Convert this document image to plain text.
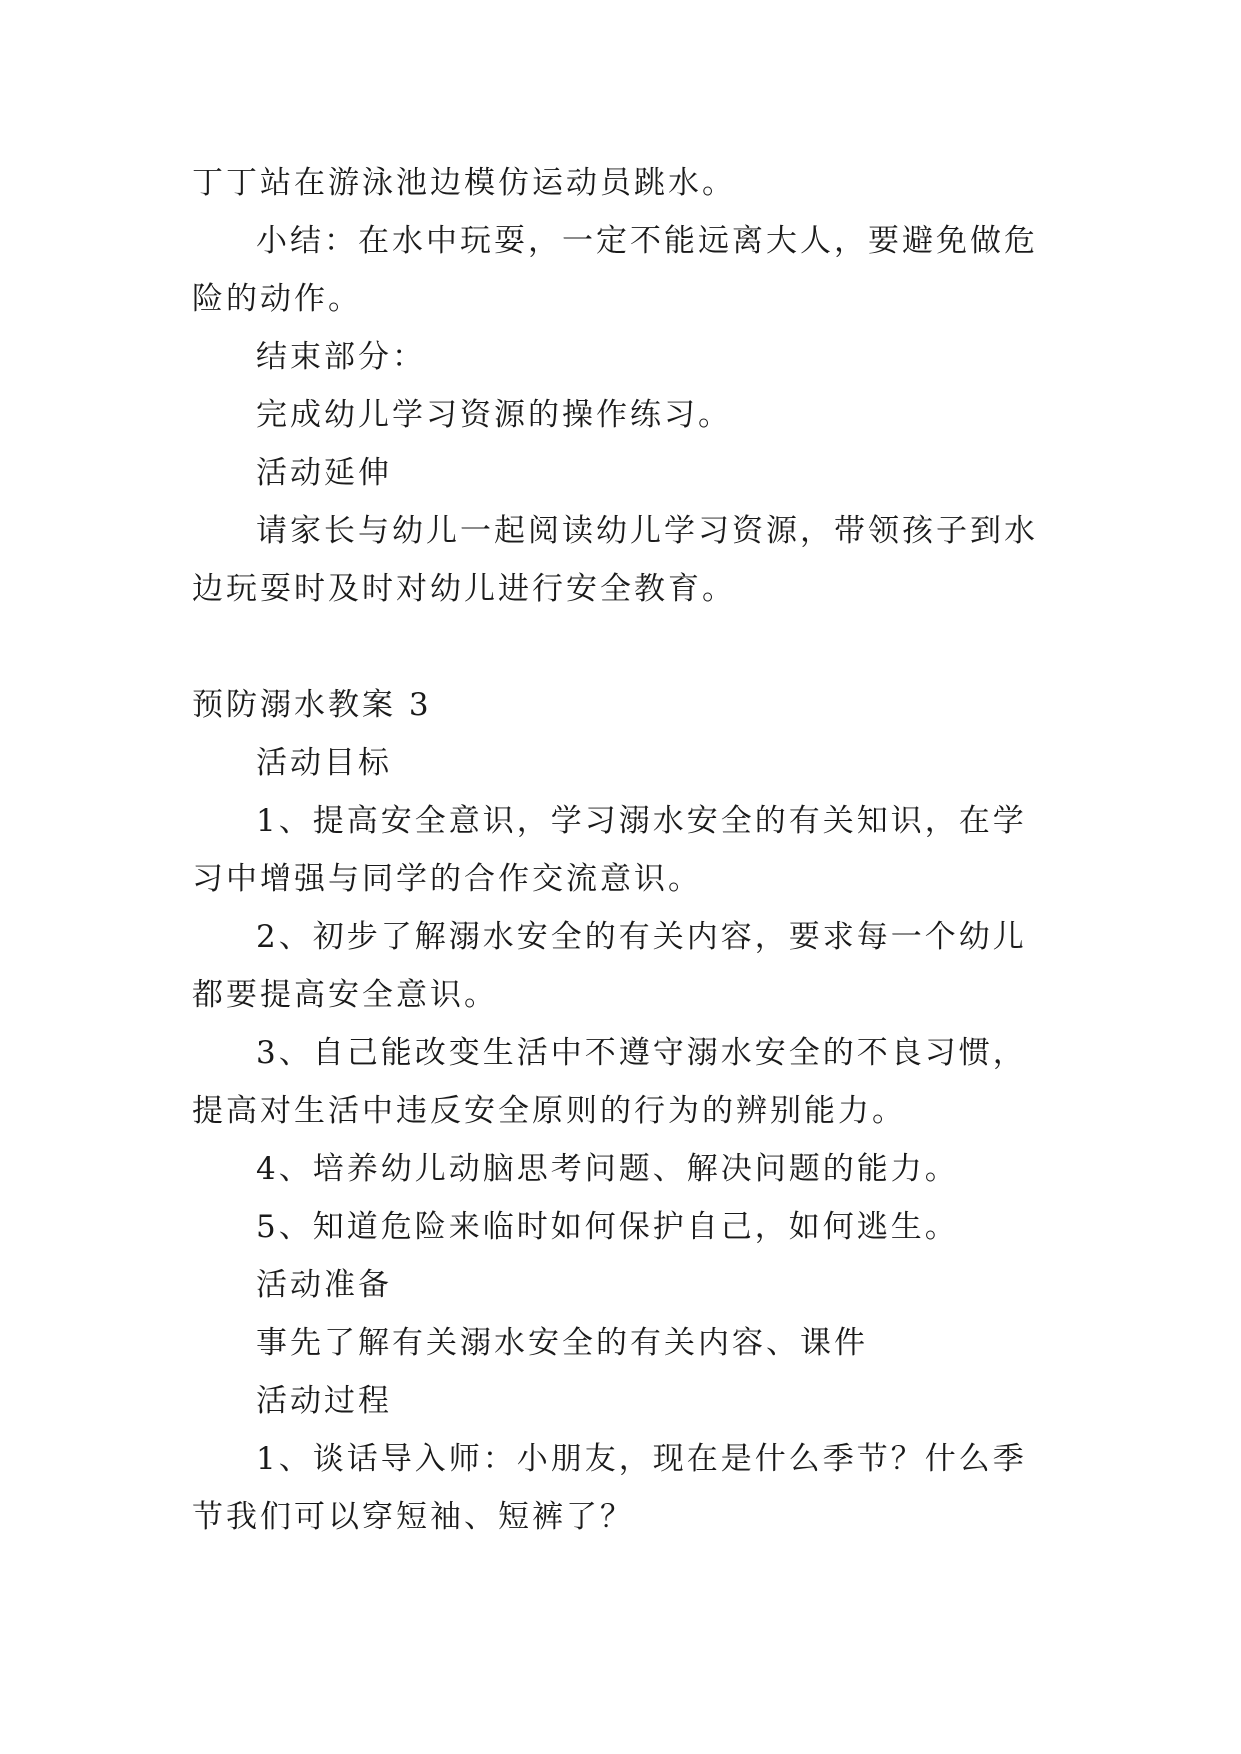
丁丁站在游泳池边模仿运动员跳水。

小结：在水中玩耍，一定不能远离大人，要避免做危险的动作。

结束部分：

完成幼儿学习资源的操作练习。

活动延伸

请家长与幼儿一起阅读幼儿学习资源，带领孩子到水边玩耍时及时对幼儿进行安全教育。

预防溺水教案 3

活动目标

1、提高安全意识，学习溺水安全的有关知识，在学习中增强与同学的合作交流意识。

2、初步了解溺水安全的有关内容，要求每一个幼儿都要提高安全意识。

3、自己能改变生活中不遵守溺水安全的不良习惯，提高对生活中违反安全原则的行为的辨别能力。

4、培养幼儿动脑思考问题、解决问题的能力。

5、知道危险来临时如何保护自己，如何逃生。

活动准备

事先了解有关溺水安全的有关内容、课件

活动过程

1、谈话导入师：小朋友，现在是什么季节？什么季节我们可以穿短袖、短裤了？
